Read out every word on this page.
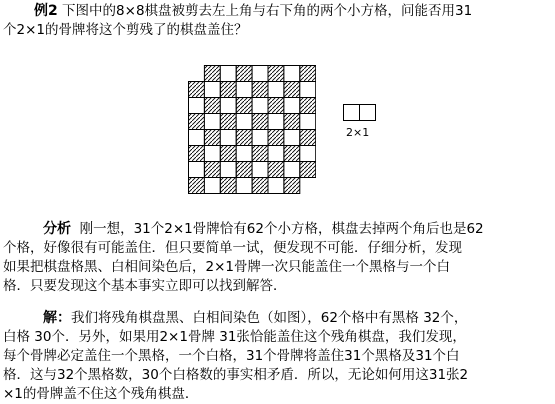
例2 下图中的8×8棋盘被剪去左上角与右下角的两个小方格，问能否用31
个2×1的骨牌将这个剪残了的棋盘盖住？
2×1
分析 刚一想，31个2×1骨牌恰有62个小方格，棋盘去掉两个角后也是62
个格，好像很有可能盖住．但只要简单一试，便发现不可能．仔细分析，发现
如果把棋盘格黑、白相间染色后，2×1骨牌一次只能盖住一个黑格与一个白
格．只要发现这个基本事实立即可以找到解答．
解：我们将残角棋盘黑、白相间染色（如图），62个格中有黑格 32个，
白格 30个．另外，如果用2×1骨牌 31张恰能盖住这个残角棋盘，我们发现，
每个骨牌必定盖住一个黑格，一个白格，31个骨牌将盖住31个黑格及31个白
格．这与32个黑格数，30个白格数的事实相矛盾．所以，无论如何用这31张2
×1的骨牌盖不住这个残角棋盘．
